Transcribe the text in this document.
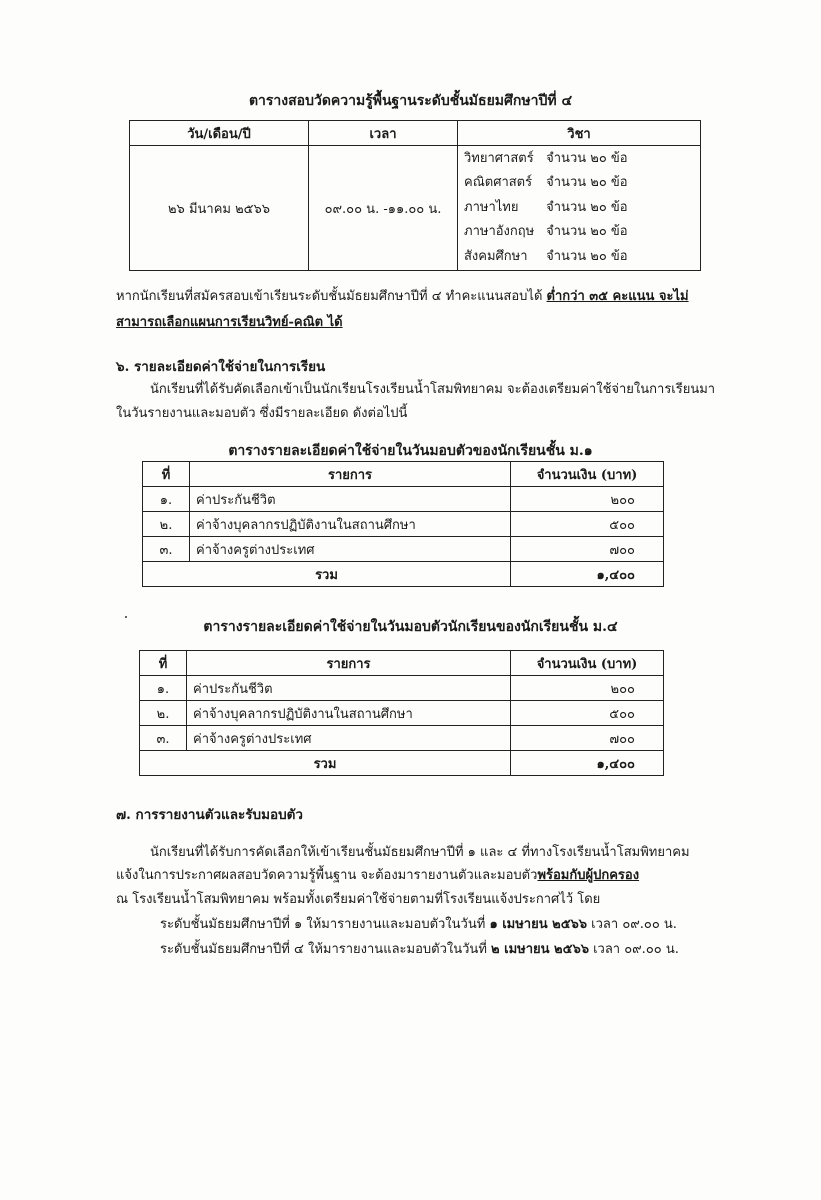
ตารางสอบวัดความรู้พื้นฐานระดับชั้นมัธยมศึกษาปีที่ ๔
วัน/เดือน/ปี	เวลา	วิชา
๒๖ มีนาคม ๒๕๖๖	๐๙.๐๐ น. -๑๑.๐๐ น.	วิทยาศาสตร์ จำนวน ๒๐ ข้อ
คณิตศาสตร์ จำนวน ๒๐ ข้อ
ภาษาไทย จำนวน ๒๐ ข้อ
ภาษาอังกฤษ จำนวน ๒๐ ข้อ
สังคมศึกษา จำนวน ๒๐ ข้อ
หากนักเรียนที่สมัครสอบเข้าเรียนระดับชั้นมัธยมศึกษาปีที่ ๔ ทำคะแนนสอบได้ ต่ำกว่า ๓๕ คะแนน จะไม่
สามารถเลือกแผนการเรียนวิทย์-คณิต ได้
๖. รายละเอียดค่าใช้จ่ายในการเรียน
นักเรียนที่ได้รับคัดเลือกเข้าเป็นนักเรียนโรงเรียนน้ำโสมพิทยาคม จะต้องเตรียมค่าใช้จ่ายในการเรียนมา
ในวันรายงานและมอบตัว ซึ่งมีรายละเอียด ดังต่อไปนี้
ตารางรายละเอียดค่าใช้จ่ายในวันมอบตัวของนักเรียนชั้น ม.๑
ที่	รายการ	จำนวนเงิน (บาท)
๑.	ค่าประกันชีวิต	๒๐๐
๒.	ค่าจ้างบุคลากรปฏิบัติงานในสถานศึกษา	๕๐๐
๓.	ค่าจ้างครูต่างประเทศ	๗๐๐
รวม		๑,๔๐๐
ตารางรายละเอียดค่าใช้จ่ายในวันมอบตัวนักเรียนของนักเรียนชั้น ม.๔
ที่	รายการ	จำนวนเงิน (บาท)
๑.	ค่าประกันชีวิต	๒๐๐
๒.	ค่าจ้างบุคลากรปฏิบัติงานในสถานศึกษา	๕๐๐
๓.	ค่าจ้างครูต่างประเทศ	๗๐๐
รวม		๑,๔๐๐
๗. การรายงานตัวและรับมอบตัว
นักเรียนที่ได้รับการคัดเลือกให้เข้าเรียนชั้นมัธยมศึกษาปีที่ ๑ และ ๔ ที่ทางโรงเรียนน้ำโสมพิทยาคม
แจ้งในการประกาศผลสอบวัดความรู้พื้นฐาน จะต้องมารายงานตัวและมอบตัวพร้อมกับผู้ปกครอง
ณ โรงเรียนน้ำโสมพิทยาคม พร้อมทั้งเตรียมค่าใช้จ่ายตามที่โรงเรียนแจ้งประกาศไว้ โดย
ระดับชั้นมัธยมศึกษาปีที่ ๑ ให้มารายงานและมอบตัวในวันที่ ๑ เมษายน ๒๕๖๖ เวลา ๐๙.๐๐ น.
ระดับชั้นมัธยมศึกษาปีที่ ๔ ให้มารายงานและมอบตัวในวันที่ ๒ เมษายน ๒๕๖๖ เวลา ๐๙.๐๐ น.
